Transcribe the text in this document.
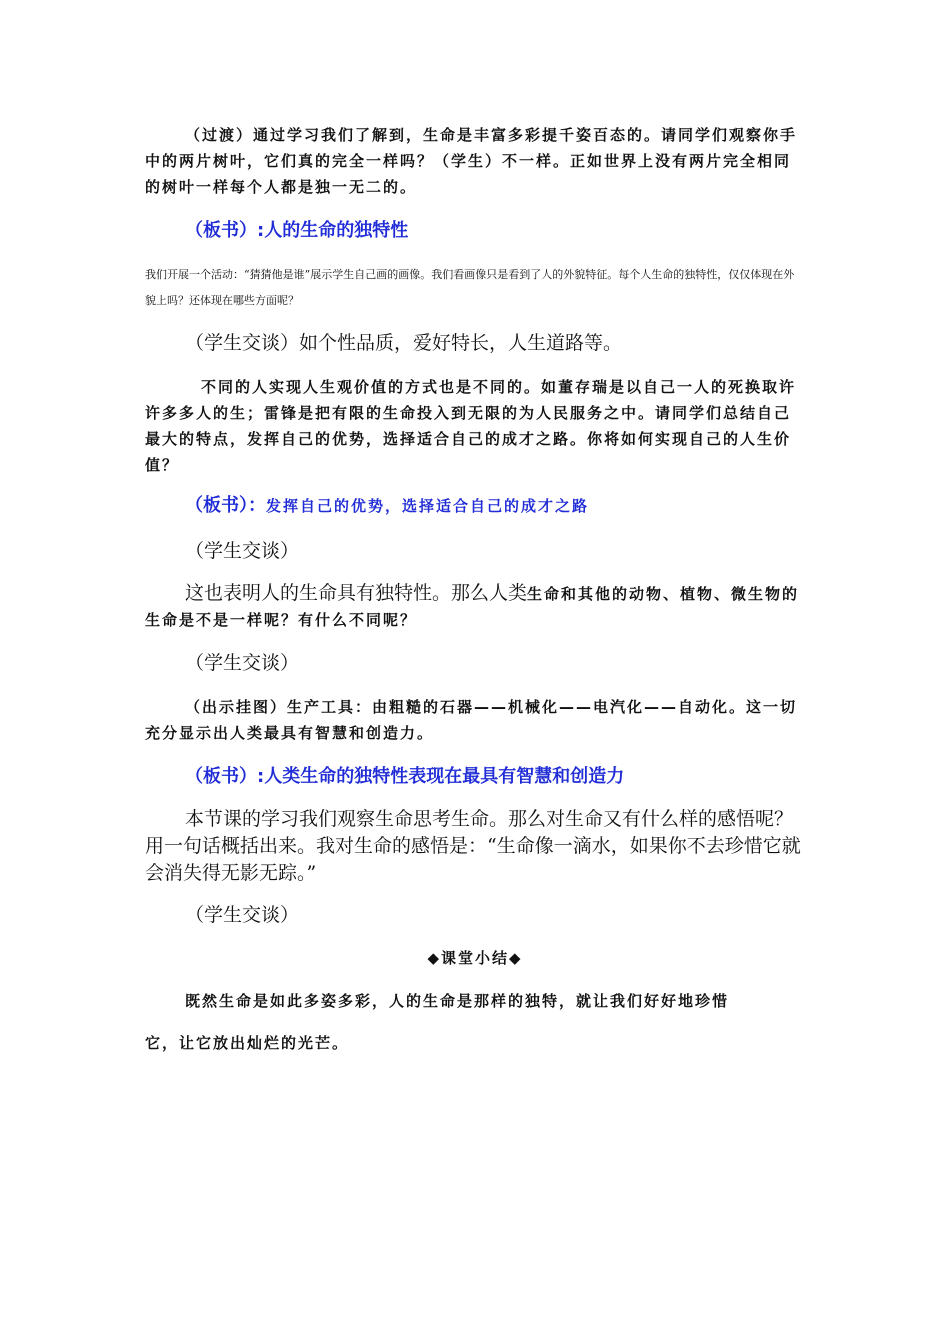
（过渡）通过学习我们了解到，生命是丰富多彩提千姿百态的。请同学们观察你手中的两片树叶，它们真的完全一样吗？（学生）不一样。正如世界上没有两片完全相同的树叶一样每个人都是独一无二的。

（板书）:人的生命的独特性

我们开展一个活动：“猜猜他是谁”展示学生自己画的画像。我们看画像只是看到了人的外貌特征。每个人生命的独特性，仅仅体现在外貌上吗？还体现在哪些方面呢？

（学生交谈）如个性品质，爱好特长，人生道路等。

不同的人实现人生观价值的方式也是不同的。如董存瑞是以自己一人的死换取许许多多人的生；雷锋是把有限的生命投入到无限的为人民服务之中。请同学们总结自己最大的特点，发挥自己的优势，选择适合自己的成才之路。你将如何实现自己的人生价值？

（板书）：发挥自己的优势，选择适合自己的成才之路

（学生交谈）

这也表明人的生命具有独特性。那么人类生命和其他的动物、植物、微生物的生命是不是一样呢？有什么不同呢？

（学生交谈）

（出示挂图）生产工具：由粗糙的石器——机械化——电汽化——自动化。这一切充分显示出人类最具有智慧和创造力。

（板书）:人类生命的独特性表现在最具有智慧和创造力

本节课的学习我们观察生命思考生命。那么对生命又有什么样的感悟呢？用一句话概括出来。我对生命的感悟是：“生命像一滴水，如果你不去珍惜它就会消失得无影无踪。”

（学生交谈）

◆课堂小结◆

既然生命是如此多姿多彩，人的生命是那样的独特，就让我们好好地珍惜

它，让它放出灿烂的光芒。
